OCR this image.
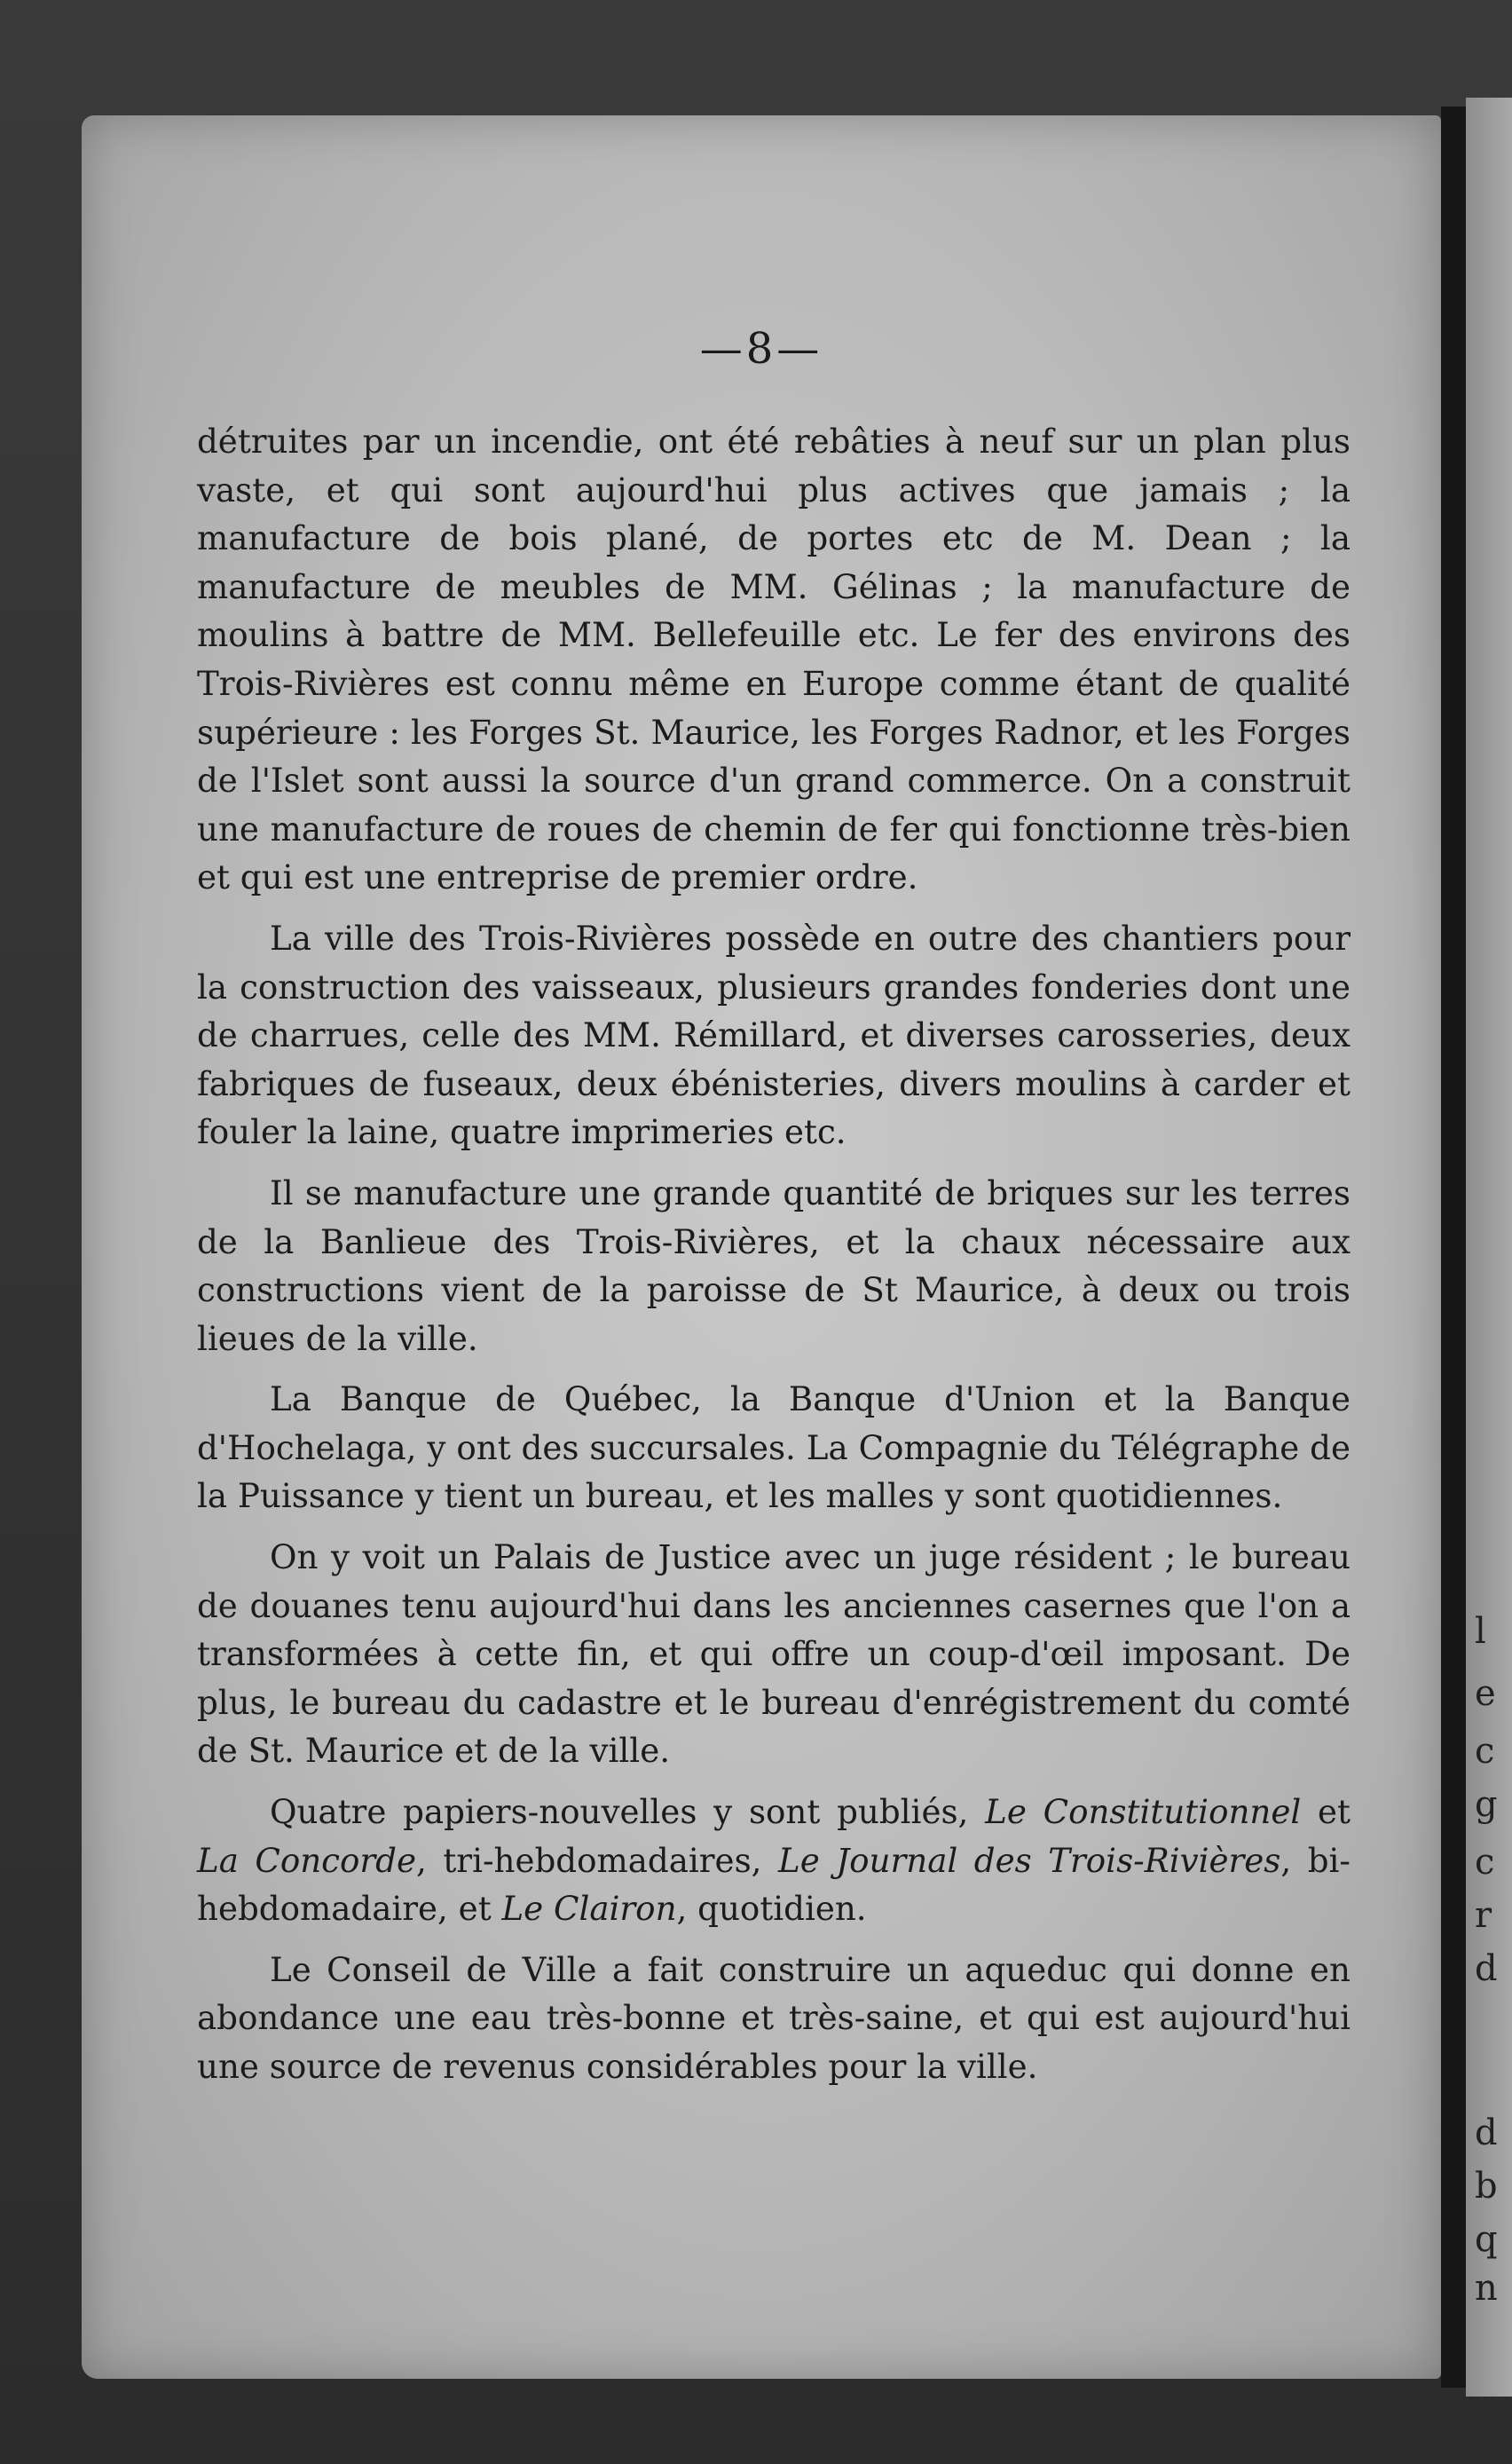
—8—

détruites par un incendie, ont été rebâties à neuf sur un plan plus vaste, et qui sont aujourd'hui plus actives que jamais ; la manufacture de bois plané, de portes etc de M. Dean ; la manufacture de meubles de MM. Gélinas ; la manufacture de moulins à battre de MM. Bellefeuille etc. Le fer des environs des Trois-Rivières est connu même en Europe comme étant de qualité supérieure : les Forges St. Maurice, les Forges Radnor, et les Forges de l'Islet sont aussi la source d'un grand commerce. On a construit une manufacture de roues de chemin de fer qui fonctionne très-bien et qui est une entreprise de premier ordre.

La ville des Trois-Rivières possède en outre des chantiers pour la construction des vaisseaux, plusieurs grandes fonderies dont une de charrues, celle des MM. Rémillard, et diverses carosseries, deux fabriques de fuseaux, deux ébénisteries, divers moulins à carder et fouler la laine, quatre imprimeries etc.

Il se manufacture une grande quantité de briques sur les terres de la Banlieue des Trois-Rivières, et la chaux nécessaire aux constructions vient de la paroisse de St Maurice, à deux ou trois lieues de la ville.

La Banque de Québec, la Banque d'Union et la Banque d'Hochelaga, y ont des succursales. La Compagnie du Télégraphe de la Puissance y tient un bureau, et les malles y sont quotidiennes.

On y voit un Palais de Justice avec un juge résident ; le bureau de douanes tenu aujourd'hui dans les anciennes casernes que l'on a transformées à cette fin, et qui offre un coup-d'œil imposant. De plus, le bureau du cadastre et le bureau d'enrégistrement du comté de St. Maurice et de la ville.

Quatre papiers-nouvelles y sont publiés, Le Constitutionnel et La Concorde, tri-hebdomadaires, Le Journal des Trois-Rivières, bi-hebdomadaire, et Le Clairon, quotidien.

Le Conseil de Ville a fait construire un aqueduc qui donne en abondance une eau très-bonne et très-saine, et qui est aujourd'hui une source de revenus considérables pour la ville.

l
e
c
g
c
r
d
d
b
q
n
